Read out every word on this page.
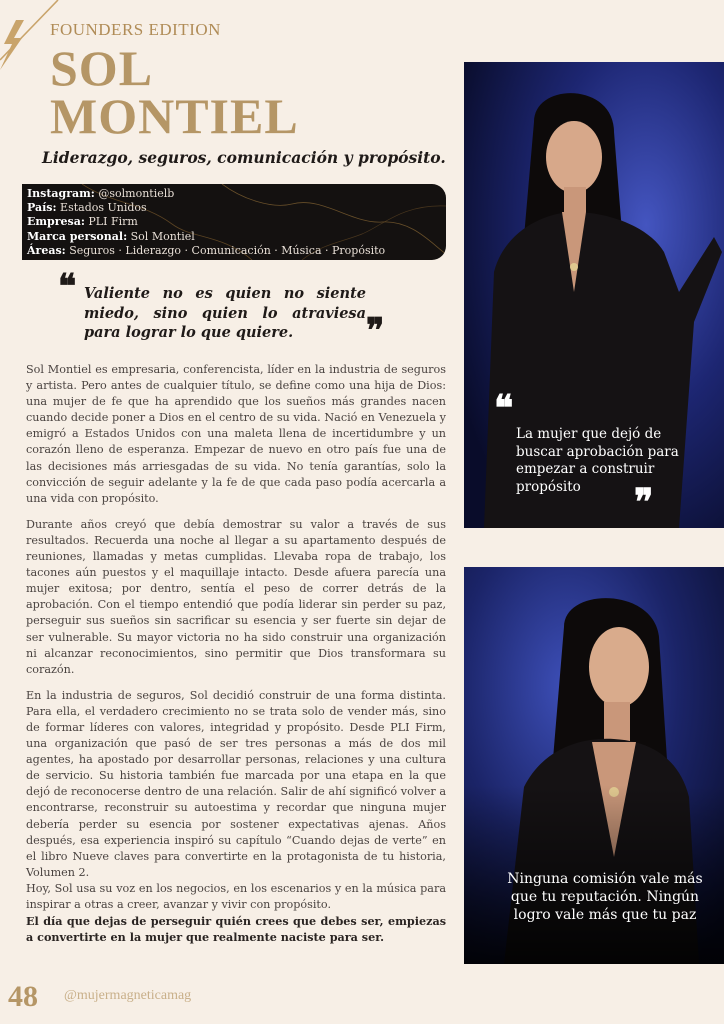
FOUNDERS EDITION
SOL
MONTIEL
Liderazgo, seguros, comunicación y propósito.
Instagram: @solmontielb
País: Estados Unidos
Empresa: PLI Firm
Marca personal: Sol Montiel
Áreas: Seguros · Liderazgo · Comunicación · Música · Propósito
❝ Valiente no es quien no siente miedo, sino quien lo atraviesa para lograr lo que quiere.	❞

Sol Montiel es empresaria, conferencista, líder en la industria de seguros y artista. Pero antes de cualquier título, se define como una hija de Dios: una mujer de fe que ha aprendido que los sueños más grandes nacen cuando decide poner a Dios en el centro de su vida. Nació en Venezuela y emigró a Estados Unidos con una maleta llena de incertidumbre y un corazón lleno de esperanza. Empezar de nuevo en otro país fue una de las decisiones más arriesgadas de su vida. No tenía garantías, solo la convicción de seguir adelante y la fe de que cada paso podía acercarla a una vida con propósito.

Durante años creyó que debía demostrar su valor a través de sus resultados. Recuerda una noche al llegar a su apartamento después de reuniones, llamadas y metas cumplidas. Llevaba ropa de trabajo, los tacones aún puestos y el maquillaje intacto. Desde afuera parecía una mujer exitosa; por dentro, sentía el peso de correr detrás de la aprobación. Con el tiempo entendió que podía liderar sin perder su paz, perseguir sus sueños sin sacrificar su esencia y ser fuerte sin dejar de ser vulnerable. Su mayor victoria no ha sido construir una organización ni alcanzar reconocimientos, sino permitir que Dios transformara su corazón.

En la industria de seguros, Sol decidió construir de una forma distinta. Para ella, el verdadero crecimiento no se trata solo de vender más, sino de formar líderes con valores, integridad y propósito. Desde PLI Firm, una organización que pasó de ser tres personas a más de dos mil agentes, ha apostado por desarrollar personas, relaciones y una cultura de servicio. Su historia también fue marcada por una etapa en la que dejó de reconocerse dentro de una relación. Salir de ahí significó volver a encontrarse, reconstruir su autoestima y recordar que ninguna mujer debería perder su esencia por sostener expectativas ajenas. Años después, esa experiencia inspiró su capítulo “Cuando dejas de verte” en el libro Nueve claves para convertirte en la protagonista de tu historia, Volumen 2.

Hoy, Sol usa su voz en los negocios, en los escenarios y en la música para inspirar a otras a creer, avanzar y vivir con propósito.

El día que dejas de perseguir quién crees que debes ser, empiezas a convertirte en la mujer que realmente naciste para ser.

❝
La mujer que dejó de buscar aprobación para empezar a construir propósito	❞
Ninguna comisión vale más que tu reputación. Ningún logro vale más que tu paz
48 @mujermagneticamag
